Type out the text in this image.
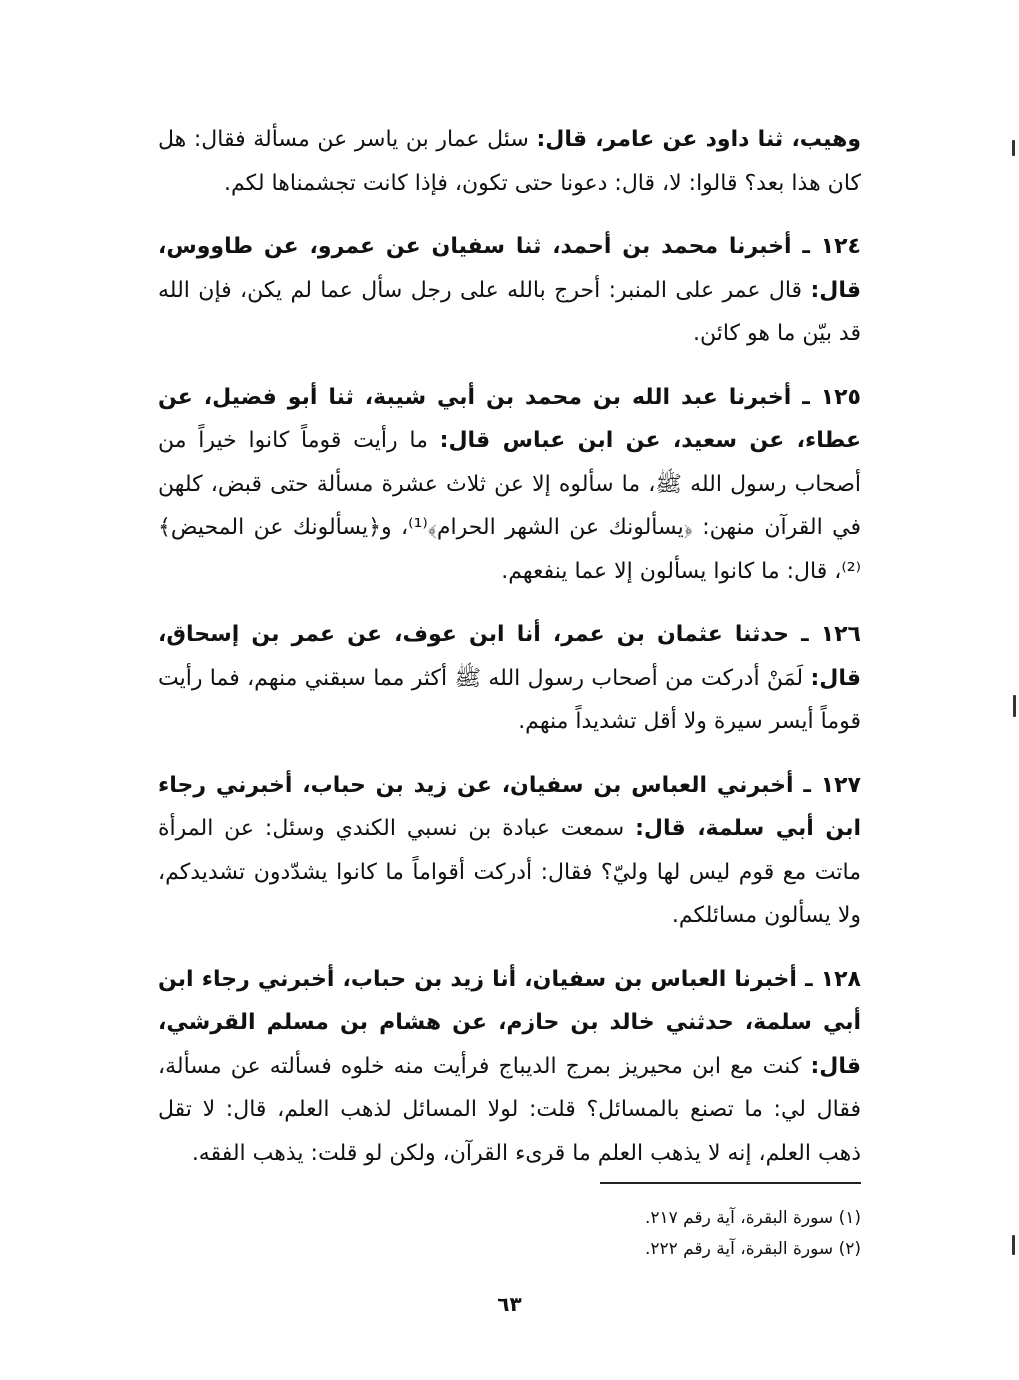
وهيب، ثنا داود عن عامر، قال: سئل عمار بن ياسر عن مسألة فقال: هل كان هذا بعد؟ قالوا: لا، قال: دعونا حتى تكون، فإذا كانت تجشمناها لكم.

١٢٤ ـ أخبرنا محمد بن أحمد، ثنا سفيان عن عمرو، عن طاووس، قال: قال عمر على المنبر: أحرج بالله على رجل سأل عما لم يكن، فإن الله قد بيّن ما هو كائن.

١٢٥ ـ أخبرنا عبد الله بن محمد بن أبي شيبة، ثنا أبو فضيل، عن عطاء، عن سعيد، عن ابن عباس قال: ما رأيت قوماً كانوا خيراً من أصحاب رسول الله ﷺ، ما سألوه إلا عن ثلاث عشرة مسألة حتى قبض، كلهن في القرآن منهن: ﴿يسألونك عن الشهر الحرام﴾⁽¹⁾، و﴿يسألونك عن المحيض﴾⁽²⁾، قال: ما كانوا يسألون إلا عما ينفعهم.

١٢٦ ـ حدثنا عثمان بن عمر، أنا ابن عوف، عن عمر بن إسحاق، قال: لَمَنْ أدركت من أصحاب رسول الله ﷺ أكثر مما سبقني منهم، فما رأيت قوماً أيسر سيرة ولا أقل تشديداً منهم.

١٢٧ ـ أخبرني العباس بن سفيان، عن زيد بن حباب، أخبرني رجاء ابن أبي سلمة، قال: سمعت عبادة بن نسبي الكندي وسئل: عن المرأة ماتت مع قوم ليس لها وليّ؟ فقال: أدركت أقواماً ما كانوا يشدّدون تشديدكم، ولا يسألون مسائلكم.

١٢٨ ـ أخبرنا العباس بن سفيان، أنا زيد بن حباب، أخبرني رجاء ابن أبي سلمة، حدثني خالد بن حازم، عن هشام بن مسلم القرشي، قال: كنت مع ابن محيريز بمرج الديباج فرأيت منه خلوه فسألته عن مسألة، فقال لي: ما تصنع بالمسائل؟ قلت: لولا المسائل لذهب العلم، قال: لا تقل ذهب العلم، إنه لا يذهب العلم ما قرىء القرآن، ولكن لو قلت: يذهب الفقه.

(١) سورة البقرة، آية رقم ٢١٧.

(٢) سورة البقرة، آية رقم ٢٢٢.

٦٣
